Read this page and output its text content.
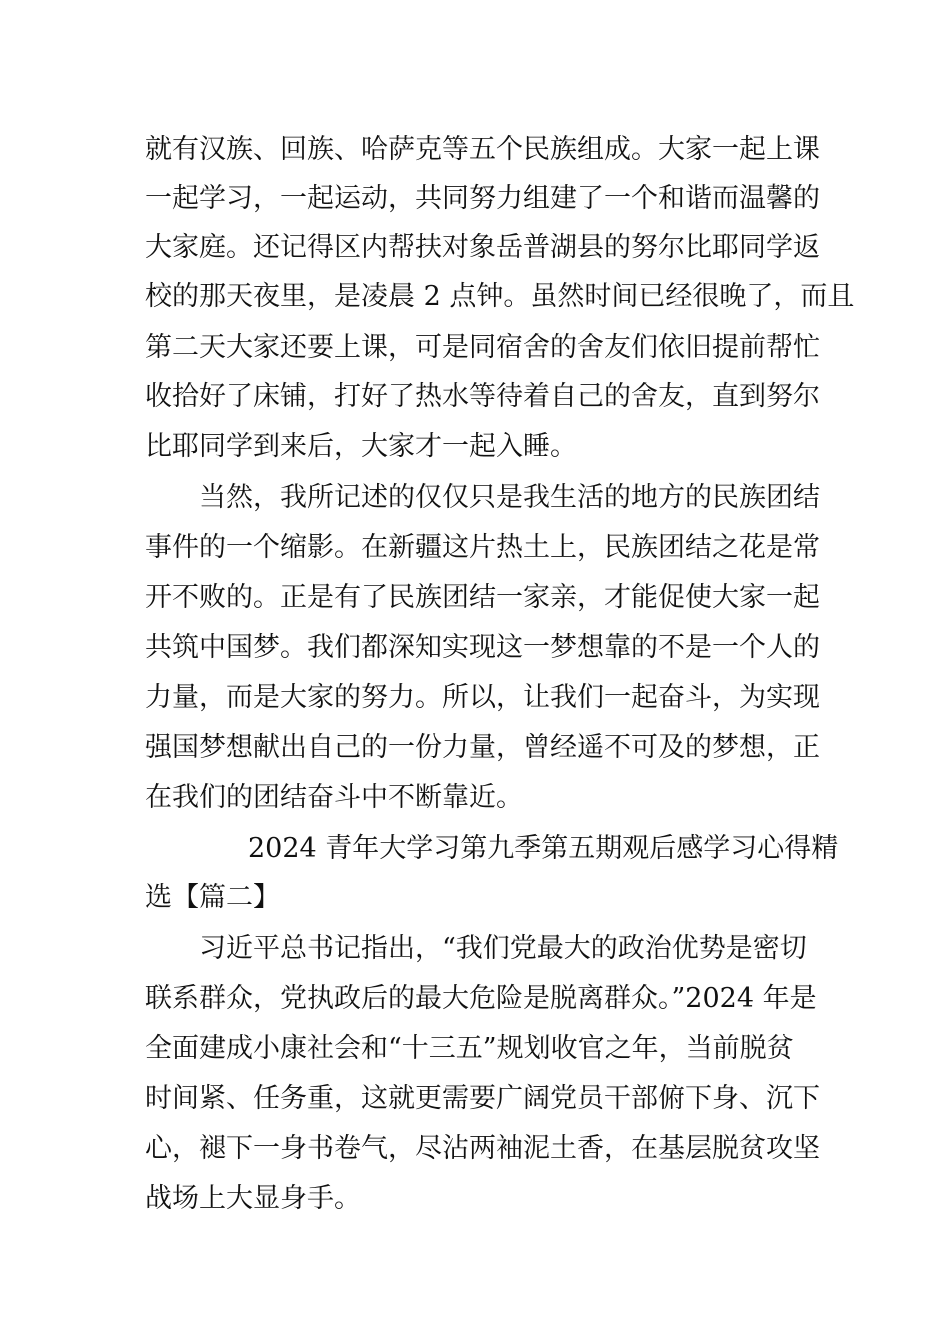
就有汉族、回族、哈萨克等五个民族组成。大家一起上课
一起学习，一起运动，共同努力组建了一个和谐而温馨的
大家庭。还记得区内帮扶对象岳普湖县的努尔比耶同学返
校的那天夜里，是凌晨 2 点钟。虽然时间已经很晚了，而且
第二天大家还要上课，可是同宿舍的舍友们依旧提前帮忙
收拾好了床铺，打好了热水等待着自己的舍友，直到努尔
比耶同学到来后，大家才一起入睡。
当然，我所记述的仅仅只是我生活的地方的民族团结
事件的一个缩影。在新疆这片热土上，民族团结之花是常
开不败的。正是有了民族团结一家亲，才能促使大家一起
共筑中国梦。我们都深知实现这一梦想靠的不是一个人的
力量，而是大家的努力。所以，让我们一起奋斗，为实现
强国梦想献出自己的一份力量，曾经遥不可及的梦想，正
在我们的团结奋斗中不断靠近。
2024 青年大学习第九季第五期观后感学习心得精
选【篇二】
习近平总书记指出，“我们党最大的政治优势是密切
联系群众，党执政后的最大危险是脱离群众。”2024 年是
全面建成小康社会和“十三五”规划收官之年，当前脱贫
时间紧、任务重，这就更需要广阔党员干部俯下身、沉下
心，褪下一身书卷气，尽沾两袖泥土香，在基层脱贫攻坚
战场上大显身手。
